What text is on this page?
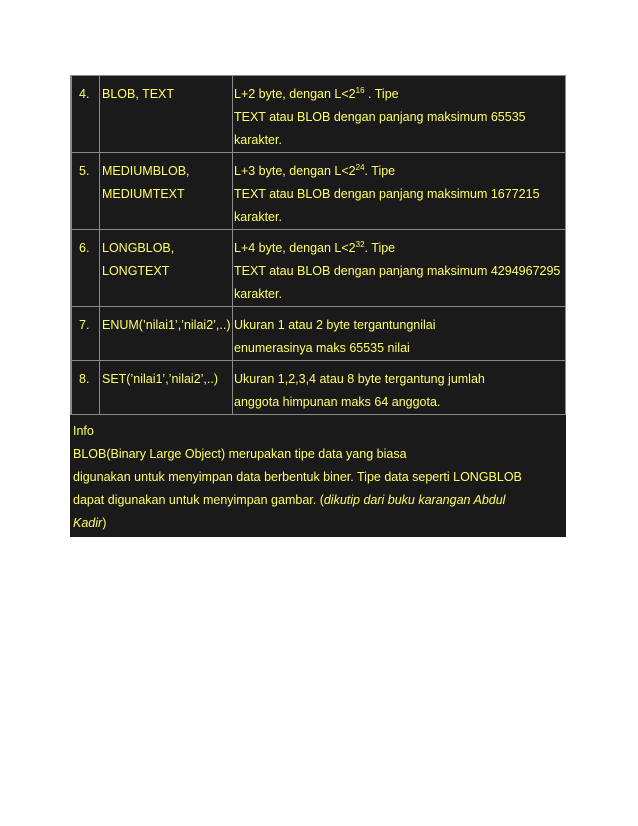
4.	BLOB, TEXT	L+2 byte, dengan $L<2^{16}$ . Tipe
TEXT atau BLOB dengan panjang maksimum 65535
karakter.

5.	MEDIUMBLOB,
MEDIUMTEXT	L+3 byte, dengan $L<2^{24}$. Tipe
TEXT atau BLOB dengan panjang maksimum 1677215
karakter.

6.	LONGBLOB,
LONGTEXT	L+4 byte, dengan $L<2^{32}$. Tipe
TEXT atau BLOB dengan panjang maksimum 4294967295
karakter.

7.	ENUM(’nilai1’,’nilai2’,..)	Ukuran 1 atau 2 byte tergantungnilai
enumerasinya maks 65535 nilai

8.	SET(’nilai1’,’nilai2’,..)	Ukuran 1,2,3,4 atau 8 byte tergantung jumlah
anggota himpunan maks 64 anggota.
Info
BLOB(Binary Large Object) merupakan tipe data yang biasa
digunakan untuk menyimpan data berbentuk biner. Tipe data seperti LONGBLOB
dapat digunakan untuk menyimpan gambar. (dikutip dari buku karangan Abdul
Kadir)
